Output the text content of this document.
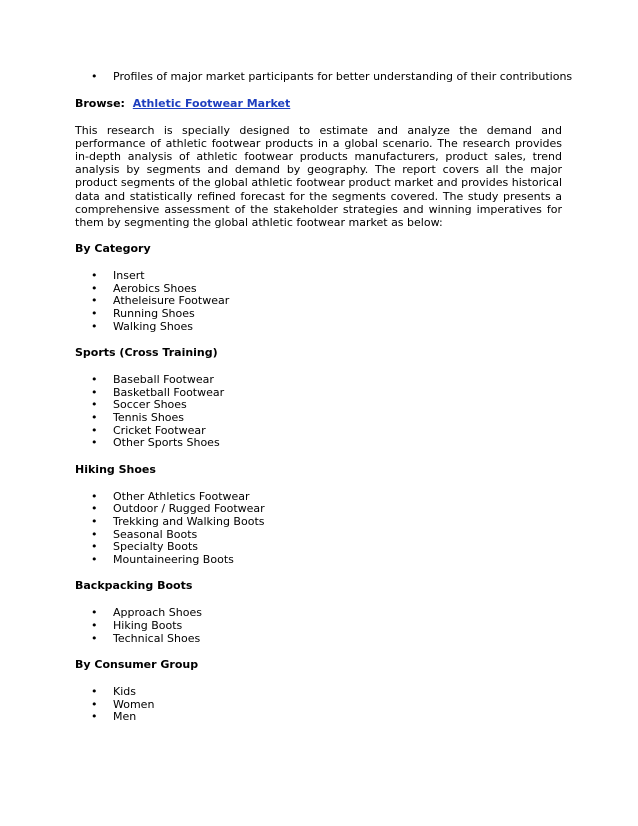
• Profiles of major market participants for better understanding of their contributions
Browse: Athletic Footwear Market

This research is specially designed to estimate and analyze the demand and performance of athletic footwear products in a global scenario. The research provides in-depth analysis of athletic footwear products manufacturers, product sales, trend analysis by segments and demand by geography. The report covers all the major product segments of the global athletic footwear product market and provides historical data and statistically refined forecast for the segments covered. The study presents a comprehensive assessment of the stakeholder strategies and winning imperatives for them by segmenting the global athletic footwear market as below:

By Category
• Insert
• Aerobics Shoes
• Atheleisure Footwear
• Running Shoes
• Walking Shoes
Sports (Cross Training)
• Baseball Footwear
• Basketball Footwear
• Soccer Shoes
• Tennis Shoes
• Cricket Footwear
• Other Sports Shoes
Hiking Shoes
• Other Athletics Footwear
• Outdoor / Rugged Footwear
• Trekking and Walking Boots
• Seasonal Boots
• Specialty Boots
• Mountaineering Boots
Backpacking Boots
• Approach Shoes
• Hiking Boots
• Technical Shoes
By Consumer Group
• Kids
• Women
• Men
